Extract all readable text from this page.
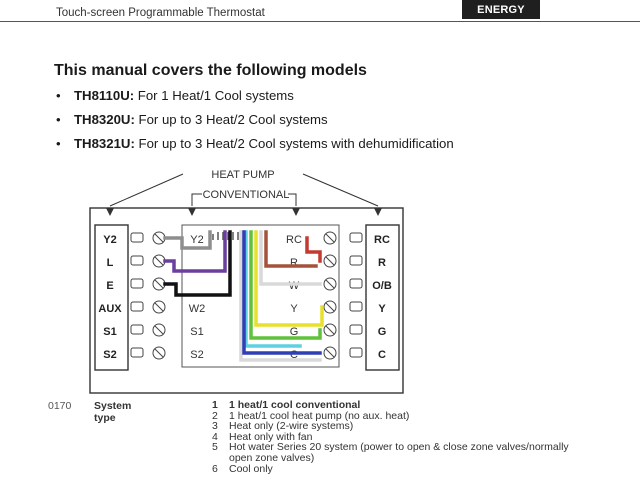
Touch-screen Programmable Thermostat	ENERGY STAR
This manual covers the following models
• TH8110U: For 1 Heat/1 Cool systems
• TH8320U: For up to 3 Heat/2 Cool systems
• TH8321U: For up to 3 Heat/2 Cool systems with dehumidification
HEAT PUMP
CONVENTIONAL
Y2
L
E
AUX
S1
S2
RC
R
O/B
Y
G
C
Y2
W2
S1
S2
RC
R
W
Y
G
C
0170 System type
1 1 heat/1 cool conventional
2 1 heat/1 cool heat pump (no aux. heat)
3 Heat only (2-wire systems)
4 Heat only with fan
5 Hot water Series 20 system (power to open & close zone valves/normally open zone valves)
6 Cool only
